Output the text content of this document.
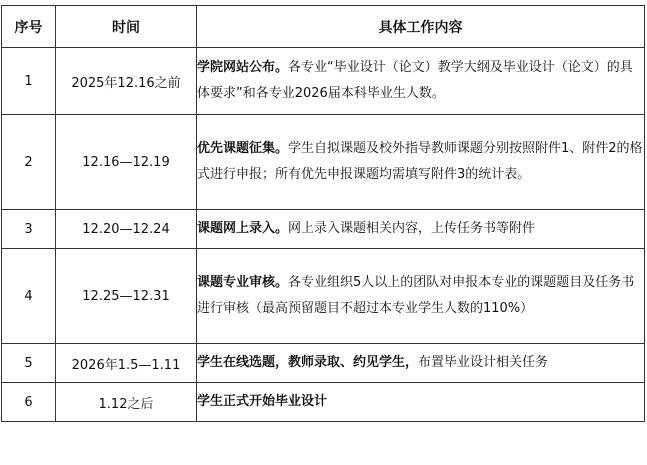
序号	时间	具体工作内容
1	2025年12.16之前	学院网站公布。各专业“毕业设计（论文）教学大纲及毕业设计（论文）的具体要求”和各专业2026届本科毕业生人数。
2	12.16—12.19	优先课题征集。学生自拟课题及校外指导教师课题分别按照附件1、附件2的格式进行申报；所有优先申报课题均需填写附件3的统计表。
3	12.20—12.24	课题网上录入。网上录入课题相关内容，上传任务书等附件
4	12.25—12.31	课题专业审核。各专业组织5人以上的团队对申报本专业的课题题目及任务书进行审核（最高预留题目不超过本专业学生人数的110%）
5	2026年1.5—1.11	学生在线选题，教师录取、约见学生，布置毕业设计相关任务
6	1.12之后	学生正式开始毕业设计
